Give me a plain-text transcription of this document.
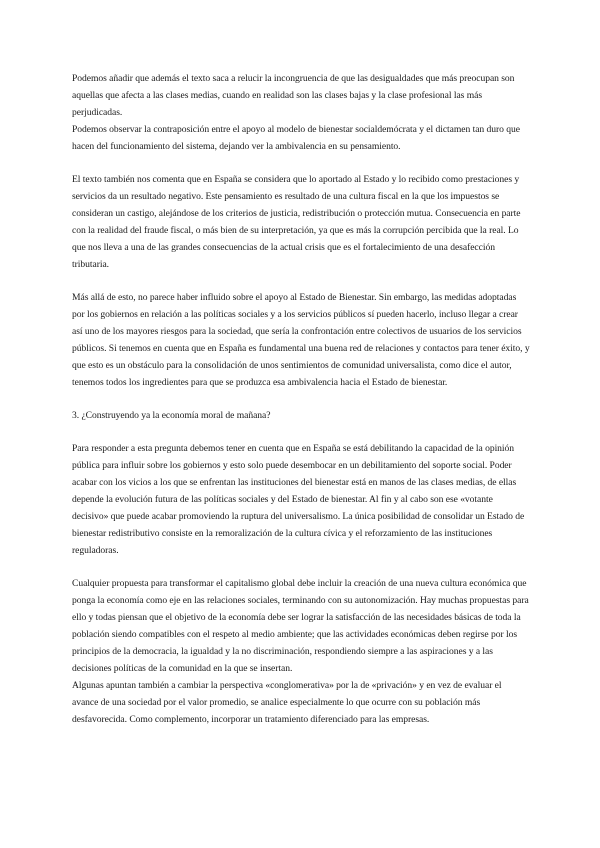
Podemos añadir que además el texto saca a relucir la incongruencia de que las desigualdades que más preocupan son aquellas que afecta a las clases medias, cuando en realidad son las clases bajas y la clase profesional las más perjudicadas.

Podemos observar la contraposición entre el apoyo al modelo de bienestar socialdemócrata y el dictamen tan duro que hacen del funcionamiento del sistema, dejando ver la ambivalencia en su pensamiento.

El texto también nos comenta que en España se considera que lo aportado al Estado y lo recibido como prestaciones y servicios da un resultado negativo. Este pensamiento es resultado de una cultura fiscal en la que los impuestos se consideran un castigo, alejándose de los criterios de justicia, redistribución o protección mutua. Consecuencia en parte con la realidad del fraude fiscal, o más bien de su interpretación, ya que es más la corrupción percibida que la real. Lo que nos lleva a una de las grandes consecuencias de la actual crisis que es el fortalecimiento de una desafección tributaria.

Más allá de esto, no parece haber influido sobre el apoyo al Estado de Bienestar. Sin embargo, las medidas adoptadas por los gobiernos en relación a las políticas sociales y a los servicios públicos sí pueden hacerlo, incluso llegar a crear así uno de los mayores riesgos para la sociedad, que sería la confrontación entre colectivos de usuarios de los servicios públicos. Si tenemos en cuenta que en España es fundamental una buena red de relaciones y contactos para tener éxito, y que esto es un obstáculo para la consolidación de unos sentimientos de comunidad universalista, como dice el autor, tenemos todos los ingredientes para que se produzca esa ambivalencia hacia el Estado de bienestar.

3. ¿Construyendo ya la economía moral de mañana?

Para responder a esta pregunta debemos tener en cuenta que en España se está debilitando la capacidad de la opinión pública para influir sobre los gobiernos y esto solo puede desembocar en un debilitamiento del soporte social. Poder acabar con los vicios a los que se enfrentan las instituciones del bienestar está en manos de las clases medias, de ellas depende la evolución futura de las políticas sociales y del Estado de bienestar. Al fin y al cabo son ese «votante decisivo» que puede acabar promoviendo la ruptura del universalismo. La única posibilidad de consolidar un Estado de bienestar redistributivo consiste en la remoralización de la cultura cívica y el reforzamiento de las instituciones reguladoras.

Cualquier propuesta para transformar el capitalismo global debe incluir la creación de una nueva cultura económica que ponga la economía como eje en las relaciones sociales, terminando con su autonomización. Hay muchas propuestas para ello y todas piensan que el objetivo de la economía debe ser lograr la satisfacción de las necesidades básicas de toda la población siendo compatibles con el respeto al medio ambiente; que las actividades económicas deben regirse por los principios de la democracia, la igualdad y la no discriminación, respondiendo siempre a las aspiraciones y a las decisiones políticas de la comunidad en la que se insertan.

Algunas apuntan también a cambiar la perspectiva «conglomerativa» por la de «privación» y en vez de evaluar el avance de una sociedad por el valor promedio, se analice especialmente lo que ocurre con su población más desfavorecida. Como complemento, incorporar un tratamiento diferenciado para las empresas.
